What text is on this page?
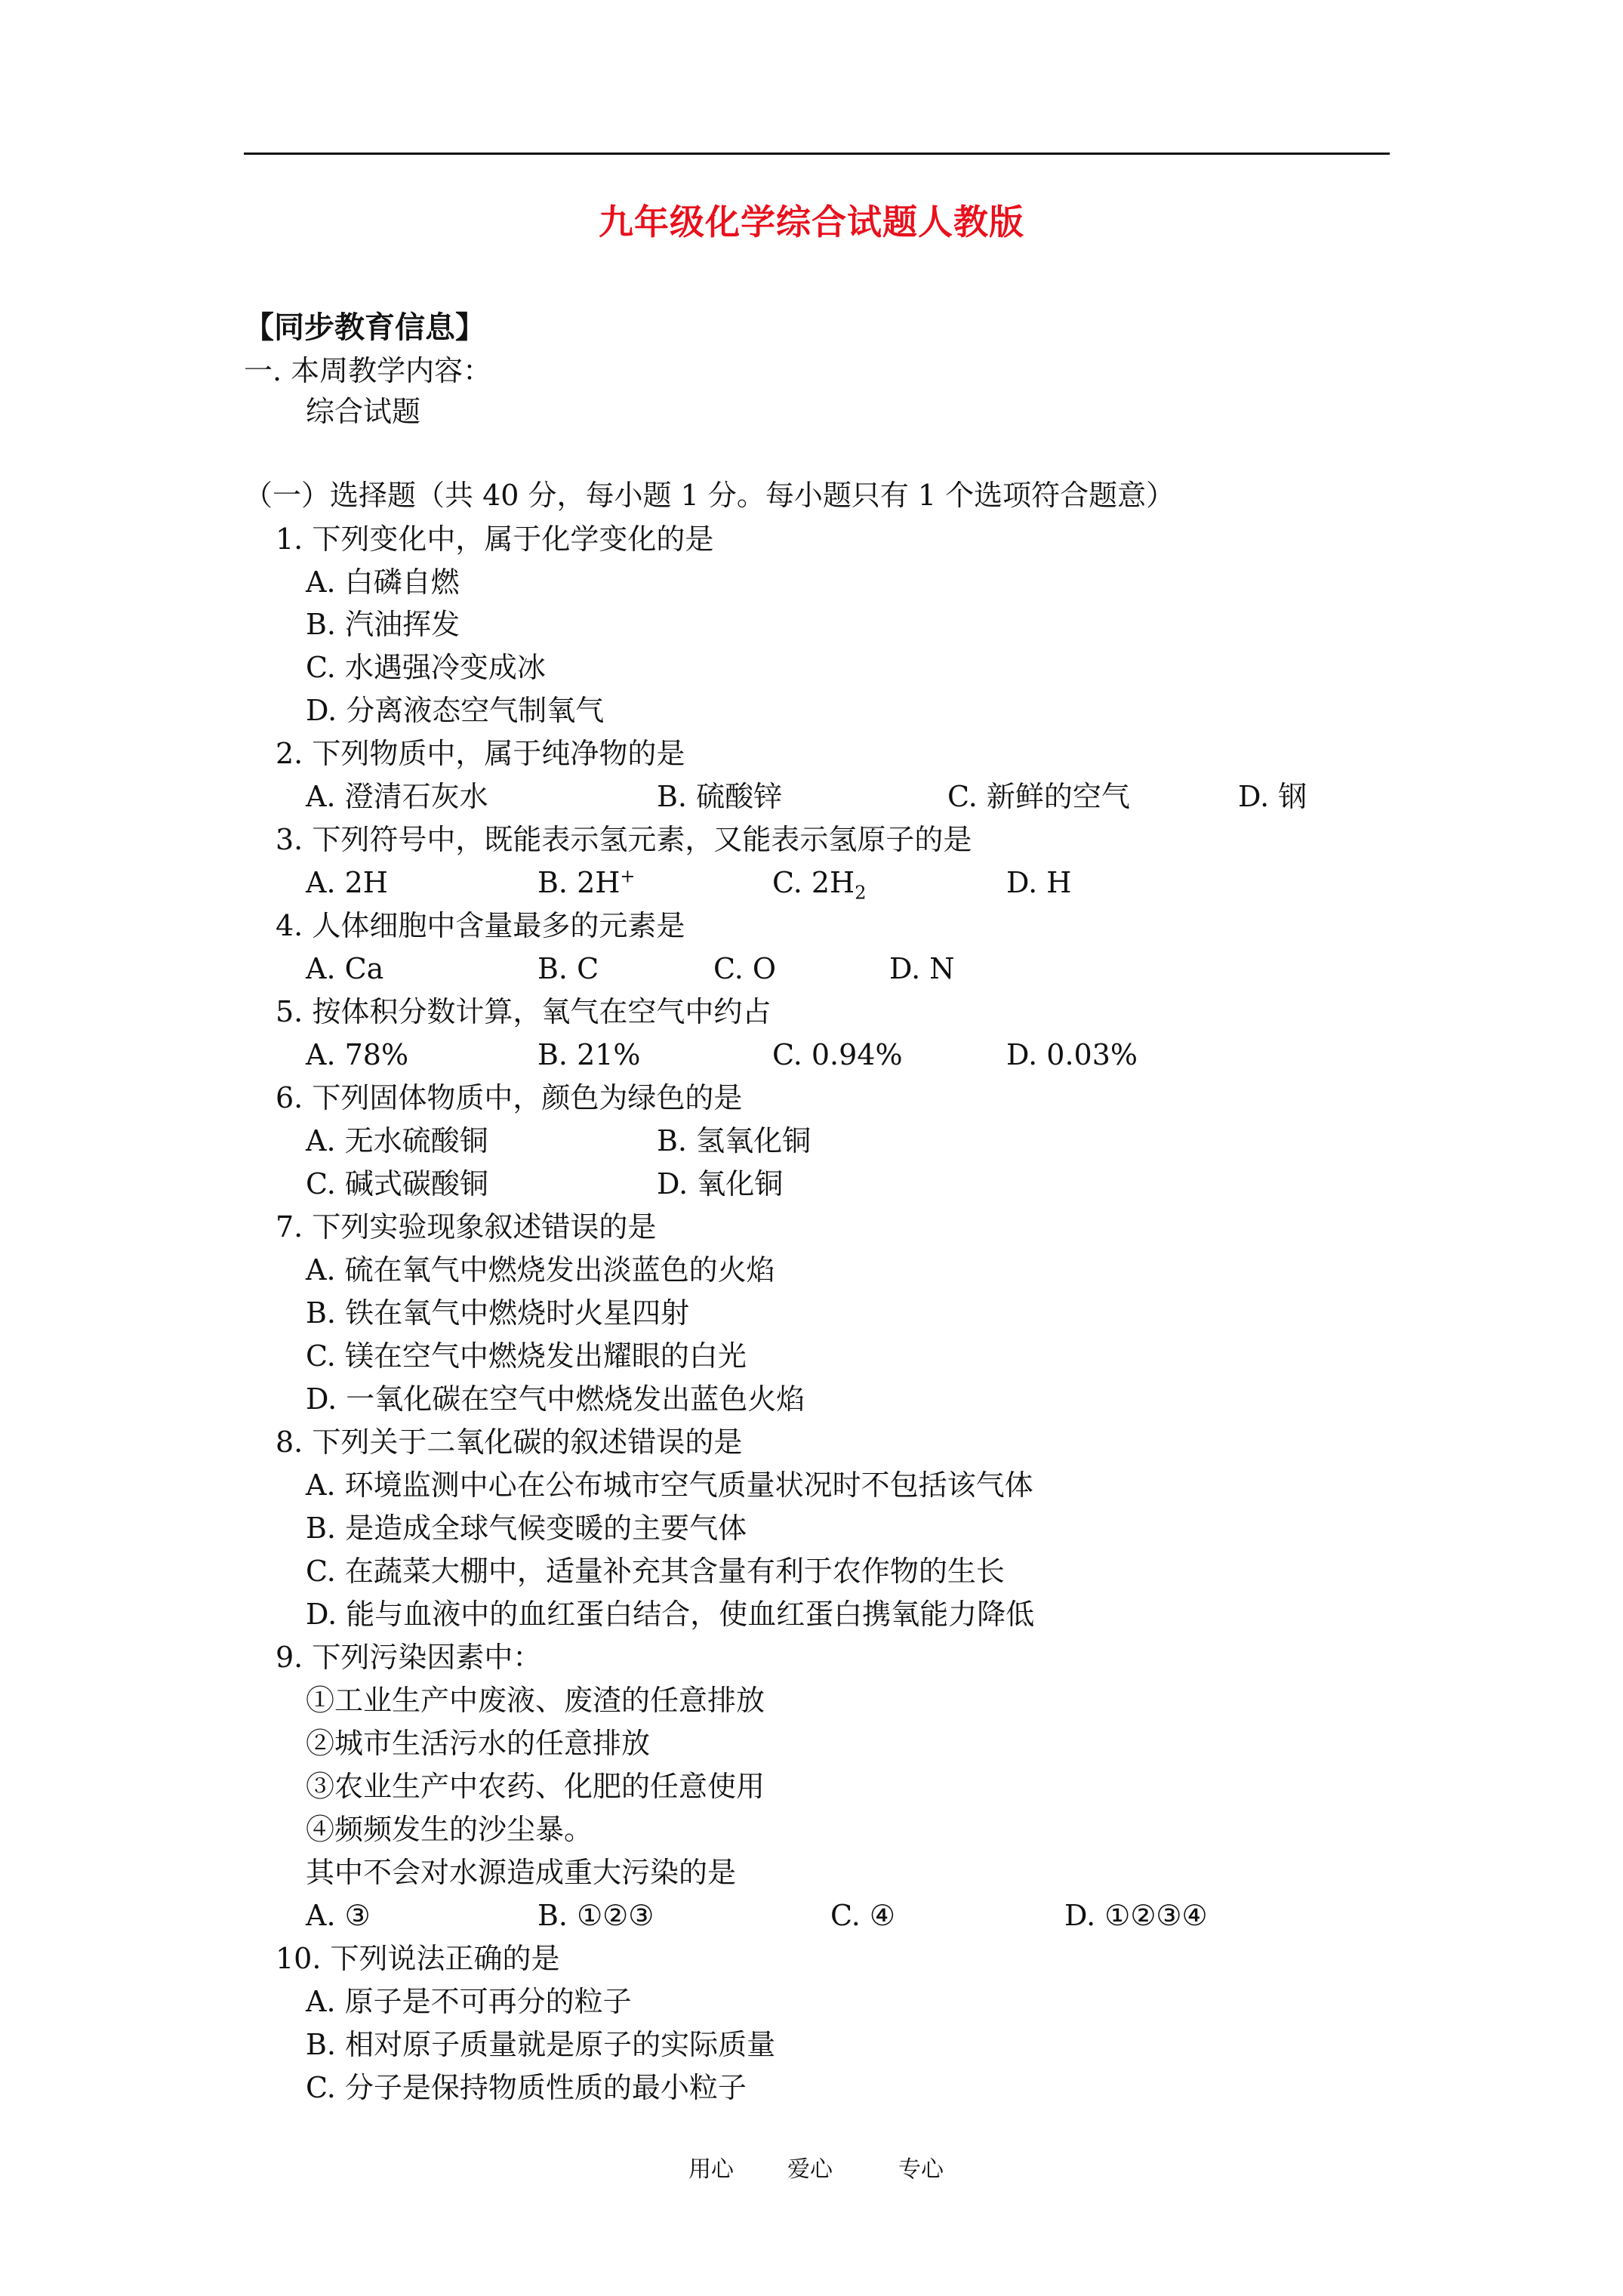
九年级化学综合试题人教版
【同步教育信息】
一. 本周教学内容：
综合试题
（一）选择题（共 40 分，每小题 1 分。每小题只有 1 个选项符合题意）
1. 下列变化中，属于化学变化的是
A. 白磷自燃
B. 汽油挥发
C. 水遇强冷变成冰
D. 分离液态空气制氧气
2. 下列物质中，属于纯净物的是
A. 澄清石灰水	B. 硫酸锌	C. 新鲜的空气	D. 钢
3. 下列符号中，既能表示氢元素，又能表示氢原子的是
A. 2H	B. 2H+	C. $2H_2$	D. H
4. 人体细胞中含量最多的元素是
A. Ca	B. C	C. O	D. N
5. 按体积分数计算，氧气在空气中约占
A. 78%	B. 21%	C. 0.94%	D. 0.03%
6. 下列固体物质中，颜色为绿色的是
A. 无水硫酸铜	B. 氢氧化铜
C. 碱式碳酸铜	D. 氧化铜
7. 下列实验现象叙述错误的是
A. 硫在氧气中燃烧发出淡蓝色的火焰
B. 铁在氧气中燃烧时火星四射
C. 镁在空气中燃烧发出耀眼的白光
D. 一氧化碳在空气中燃烧发出蓝色火焰
8. 下列关于二氧化碳的叙述错误的是
A. 环境监测中心在公布城市空气质量状况时不包括该气体
B. 是造成全球气候变暖的主要气体
C. 在蔬菜大棚中，适量补充其含量有利于农作物的生长
D. 能与血液中的血红蛋白结合，使血红蛋白携氧能力降低
9. 下列污染因素中：
①工业生产中废液、废渣的任意排放
②城市生活污水的任意排放
③农业生产中农药、化肥的任意使用
④频频发生的沙尘暴。
其中不会对水源造成重大污染的是
A. ③	B. ①②③	C. ④	D. ①②③④
10. 下列说法正确的是
A. 原子是不可再分的粒子
B. 相对原子质量就是原子的实际质量
C. 分子是保持物质性质的最小粒子
用心 爱心	专心
